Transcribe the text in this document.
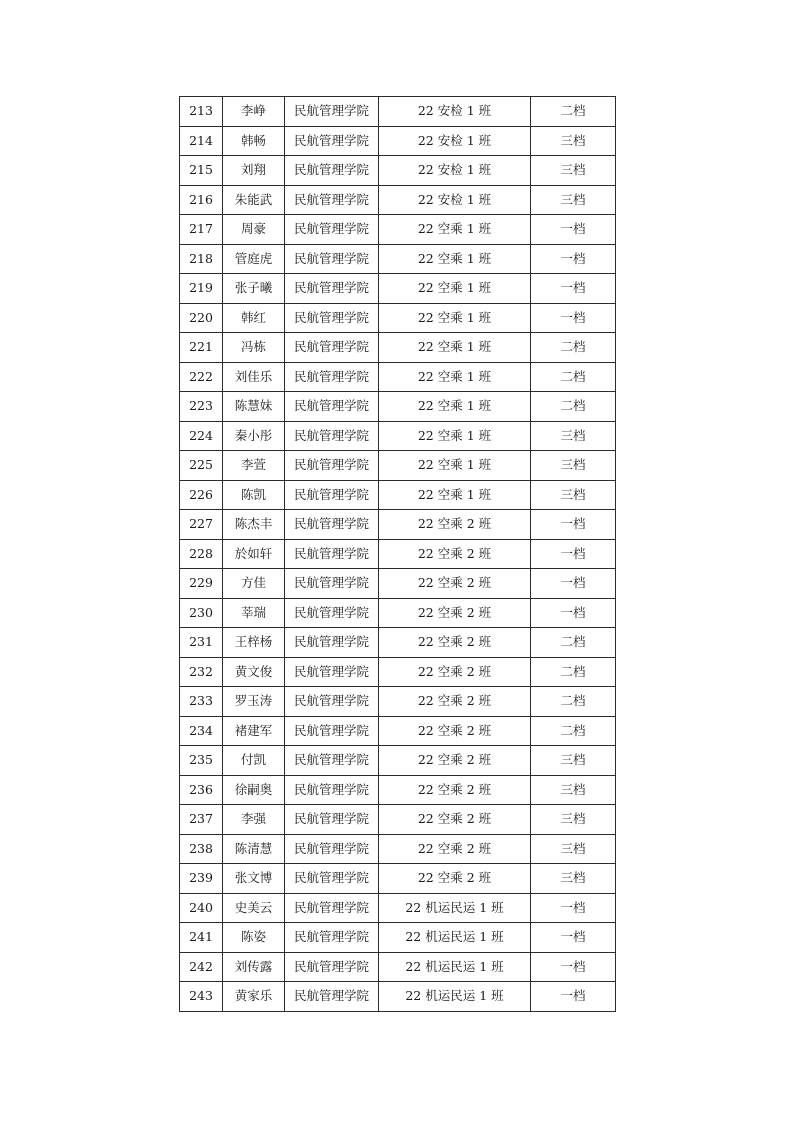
213	李峥	民航管理学院	22 安检 1 班	二档
214	韩畅	民航管理学院	22 安检 1 班	三档
215	刘翔	民航管理学院	22 安检 1 班	三档
216	朱能武	民航管理学院	22 安检 1 班	三档
217	周豪	民航管理学院	22 空乘 1 班	一档
218	管庭虎	民航管理学院	22 空乘 1 班	一档
219	张子曦	民航管理学院	22 空乘 1 班	一档
220	韩红	民航管理学院	22 空乘 1 班	一档
221	冯栋	民航管理学院	22 空乘 1 班	二档
222	刘佳乐	民航管理学院	22 空乘 1 班	二档
223	陈慧妹	民航管理学院	22 空乘 1 班	二档
224	秦小彤	民航管理学院	22 空乘 1 班	三档
225	李萱	民航管理学院	22 空乘 1 班	三档
226	陈凯	民航管理学院	22 空乘 1 班	三档
227	陈杰丰	民航管理学院	22 空乘 2 班	一档
228	於如轩	民航管理学院	22 空乘 2 班	一档
229	方佳	民航管理学院	22 空乘 2 班	一档
230	莘瑞	民航管理学院	22 空乘 2 班	一档
231	王梓杨	民航管理学院	22 空乘 2 班	二档
232	黄文俊	民航管理学院	22 空乘 2 班	二档
233	罗玉涛	民航管理学院	22 空乘 2 班	二档
234	褚建军	民航管理学院	22 空乘 2 班	二档
235	付凯	民航管理学院	22 空乘 2 班	三档
236	徐嗣奥	民航管理学院	22 空乘 2 班	三档
237	李强	民航管理学院	22 空乘 2 班	三档
238	陈清慧	民航管理学院	22 空乘 2 班	三档
239	张文博	民航管理学院	22 空乘 2 班	三档
240	史美云	民航管理学院	22 机运民运 1 班	一档
241	陈姿	民航管理学院	22 机运民运 1 班	一档
242	刘传露	民航管理学院	22 机运民运 1 班	一档
243	黄家乐	民航管理学院	22 机运民运 1 班	一档
